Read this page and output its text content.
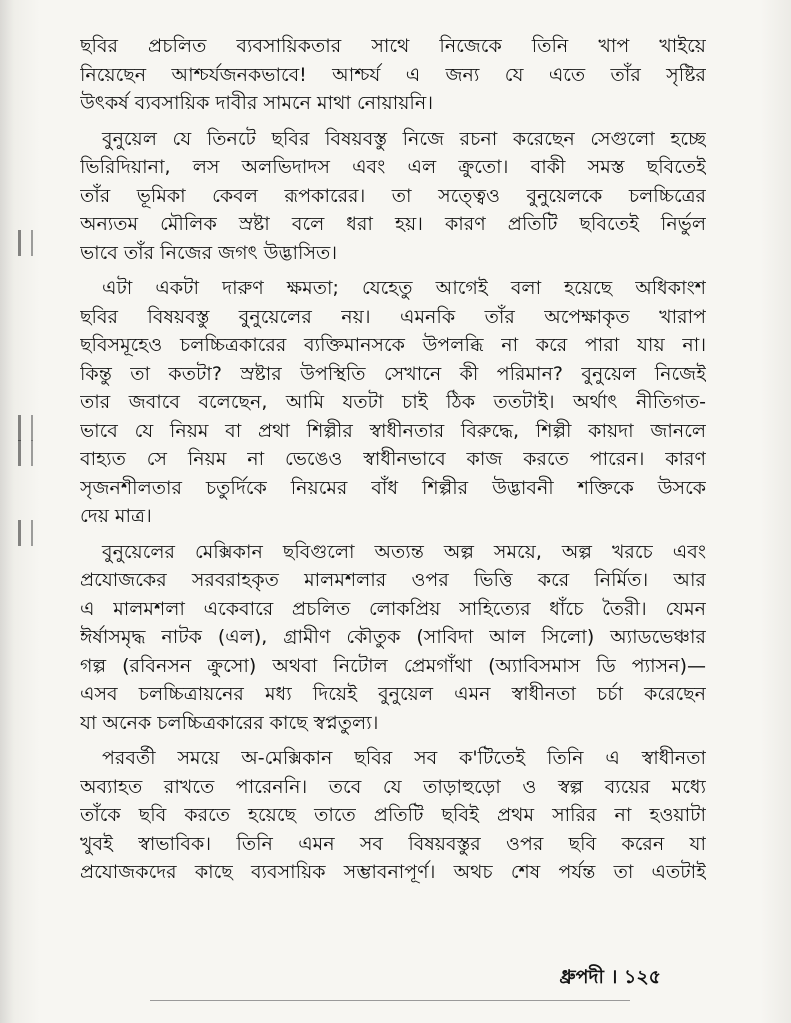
ছবির প্রচলিত ব্যবসায়িকতার সাথে নিজেকে তিনি খাপ খাইয়ে
নিয়েছেন আশ্চর্যজনকভাবে! আশ্চর্য এ জন্য যে এতে তাঁর সৃষ্টির
উৎকর্ষ ব্যবসায়িক দাবীর সামনে মাথা নোয়ায়নি।

বুনুয়েল যে তিনটে ছবির বিষয়বস্তু নিজে রচনা করেছেন সেগুলো হচ্ছে
ভিরিদিয়ানা, লস অলভিদাদস এবং এল ক্রুতো। বাকী সমস্ত ছবিতেই
তাঁর ভূমিকা কেবল রূপকারের। তা সত্ত্বেও বুনুয়েলকে চলচ্চিত্রের
অন্যতম মৌলিক স্রষ্টা বলে ধরা হয়। কারণ প্রতিটি ছবিতেই নির্ভুল
ভাবে তাঁর নিজের জগৎ উদ্ভাসিত।

এটা একটা দারুণ ক্ষমতা; যেহেতু আগেই বলা হয়েছে অধিকাংশ
ছবির বিষয়বস্তু বুনুয়েলের নয়। এমনকি তাঁর অপেক্ষাকৃত খারাপ
ছবিসমূহেও চলচ্চিত্রকারের ব্যক্তিমানসকে উপলব্ধি না করে পারা যায় না।
কিন্তু তা কতটা? স্রষ্টার উপস্থিতি সেখানে কী পরিমান? বুনুয়েল নিজেই
তার জবাবে বলেছেন, আমি যতটা চাই ঠিক ততটাই। অর্থাৎ নীতিগত-
ভাবে যে নিয়ম বা প্রথা শিল্পীর স্বাধীনতার বিরুদ্ধে, শিল্পী কায়দা জানলে
বাহ্যত সে নিয়ম না ভেঙেও স্বাধীনভাবে কাজ করতে পারেন। কারণ
সৃজনশীলতার চতুর্দিকে নিয়মের বাঁধ শিল্পীর উদ্ভাবনী শক্তিকে উসকে
দেয় মাত্র।

বুনুয়েলের মেক্সিকান ছবিগুলো অত্যন্ত অল্প সময়ে, অল্প খরচে এবং
প্রযোজকের সরবরাহকৃত মালমশলার ওপর ভিত্তি করে নির্মিত। আর
এ মালমশলা একেবারে প্রচলিত লোকপ্রিয় সাহিত্যের ধাঁচে তৈরী। যেমন
ঈর্ষাসমৃদ্ধ নাটক (এল), গ্রামীণ কৌতুক (সাবিদা আল সিলো) অ্যাডভেঞ্চার
গল্প (রবিনসন ক্রুসো) অথবা নিটোল প্রেমগাঁথা (অ্যাবিসমাস ডি প্যাসন)—
এসব চলচ্চিত্রায়নের মধ্য দিয়েই বুনুয়েল এমন স্বাধীনতা চর্চা করেছেন
যা অনেক চলচ্চিত্রকারের কাছে স্বপ্নতুল্য।

পরবর্তী সময়ে অ-মেক্সিকান ছবির সব ক'টিতেই তিনি এ স্বাধীনতা
অব্যাহত রাখতে পারেননি। তবে যে তাড়াহুড়ো ও স্বল্প ব্যয়ের মধ্যে
তাঁকে ছবি করতে হয়েছে তাতে প্রতিটি ছবিই প্রথম সারির না হওয়াটা
খুবই স্বাভাবিক। তিনি এমন সব বিষয়বস্তুর ওপর ছবি করেন যা
প্রযোজকদের কাছে ব্যবসায়িক সম্ভাবনাপূর্ণ। অথচ শেষ পর্যন্ত তা এতটাই

ধ্রুপদী । ১২৫
